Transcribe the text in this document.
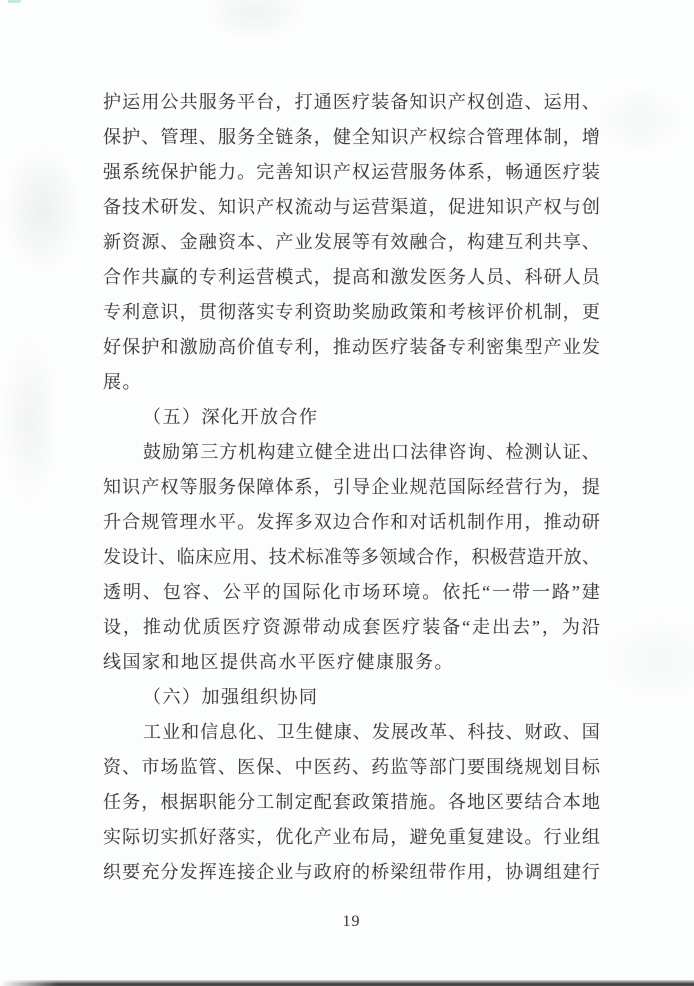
护 运 用 公 共 服 务 平 台 ， 打 通 医 疗 装 备 知 识 产 权 创 造 、 运 用 、
保 护 、 管 理 、 服 务 全 链 条 ， 健 全 知 识 产 权 综 合 管 理 体 制 ， 增
强 系 统 保 护 能 力 。 完 善 知 识 产 权 运 营 服 务 体 系 ， 畅 通 医 疗 装
备 技 术 研 发 、 知 识 产 权 流 动 与 运 营 渠 道 ， 促 进 知 识 产 权 与 创
新 资 源 、 金 融 资 本 、 产 业 发 展 等 有 效 融 合 ， 构 建 互 利 共 享 、
合 作 共 赢 的 专 利 运 营 模 式 ， 提 高 和 激 发 医 务 人 员 、 科 研 人 员
专 利 意 识 ， 贯 彻 落 实 专 利 资 助 奖 励 政 策 和 考 核 评 价 机 制 ， 更
好 保 护 和 激 励 高 价 值 专 利 ， 推 动 医 疗 装 备 专 利 密 集 型 产 业 发
展。
（五）深化开放合作
鼓 励 第 三 方 机 构 建 立 健 全 进 出 口 法 律 咨 询 、 检 测 认 证 、
知 识 产 权 等 服 务 保 障 体 系 ， 引 导 企 业 规 范 国 际 经 营 行 为 ， 提
升 合 规 管 理 水 平 。 发 挥 多 双 边 合 作 和 对 话 机 制 作 用 ， 推 动 研
发 设 计 、 临 床 应 用 、 技 术 标 准 等 多 领 域 合 作 ， 积 极 营 造 开 放 、
透 明 、 包 容 、 公 平 的 国 际 化 市 场 环 境 。 依 托 “ 一 带 一 路 ” 建
设 ， 推 动 优 质 医 疗 资 源 带 动 成 套 医 疗 装 备 “ 走 出 去 ” ， 为 沿
线国家和地区提供高水平医疗健康服务。
（六）加强组织协同
工 业 和 信 息 化 、 卫 生 健 康 、 发 展 改 革 、 科 技 、 财 政 、 国
资 、 市 场 监 管 、 医 保 、 中 医 药 、 药 监 等 部 门 要 围 绕 规 划 目 标
任 务 ， 根 据 职 能 分 工 制 定 配 套 政 策 措 施 。 各 地 区 要 结 合 本 地
实 际 切 实 抓 好 落 实 ， 优 化 产 业 布 局 ， 避 免 重 复 建 设 。 行 业 组
织 要 充 分 发 挥 连 接 企 业 与 政 府 的 桥 梁 纽 带 作 用 ， 协 调 组 建 行
19
